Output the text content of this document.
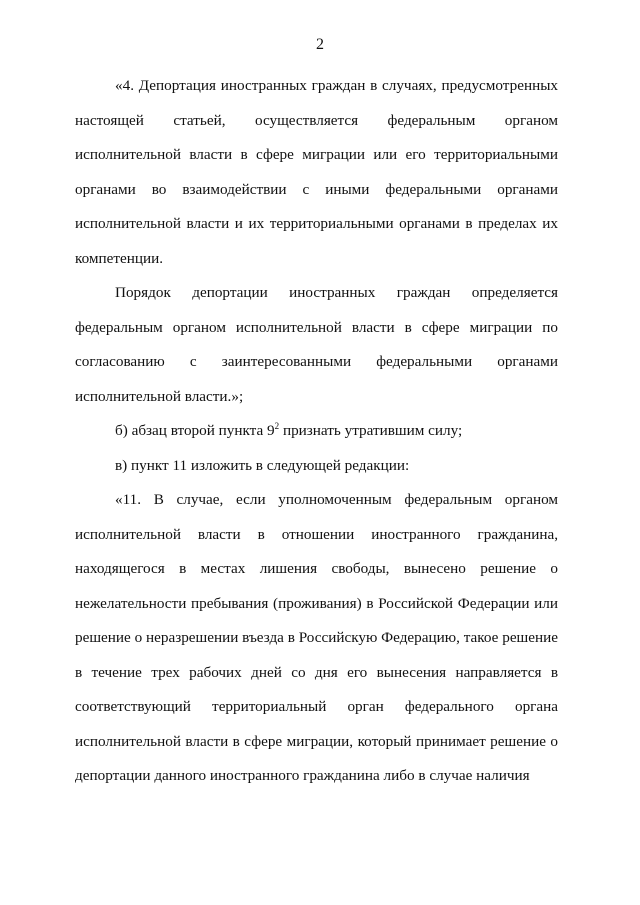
2

«4. Депортация иностранных граждан в случаях, предусмотренных настоящей статьей, осуществляется федеральным органом исполнительной власти в сфере миграции или его территориальными органами во взаимодействии с иными федеральными органами исполнительной власти и их территориальными органами в пределах их компетенции.

Порядок депортации иностранных граждан определяется федеральным органом исполнительной власти в сфере миграции по согласованию с заинтересованными федеральными органами исполнительной власти.»;

б) абзац второй пункта $9^2$ признать утратившим силу;

в) пункт 11 изложить в следующей редакции:

«11. В случае, если уполномоченным федеральным органом исполнительной власти в отношении иностранного гражданина, находящегося в местах лишения свободы, вынесено решение о нежелательности пребывания (проживания) в Российской Федерации или решение о неразрешении въезда в Российскую Федерацию, такое решение в течение трех рабочих дней со дня его вынесения направляется в соответствующий территориальный орган федерального органа исполнительной власти в сфере миграции, который принимает решение о депортации данного иностранного гражданина либо в случае наличия
